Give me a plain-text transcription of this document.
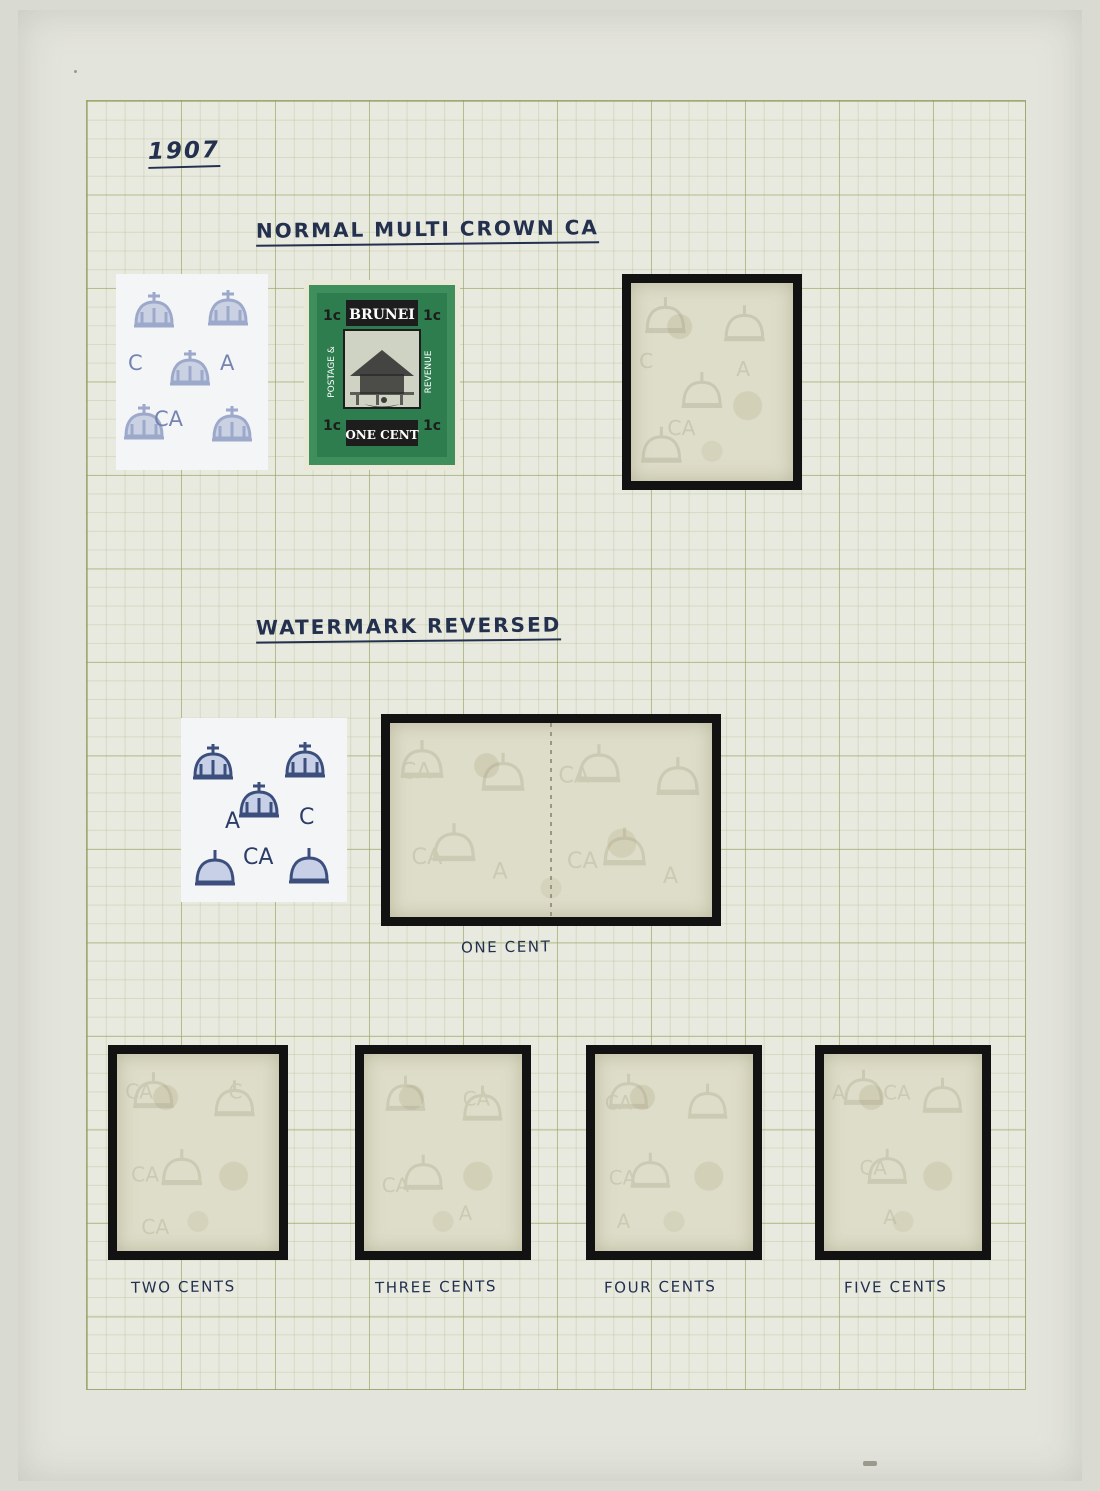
1907
NORMAL MULTI CROWN CA
C	A
CA
BRUNEI
1c	1c
POSTAGE &	REVENUE
ONE CENT
1c	1c
C	A
CA
WATERMARK REVERSED
A	C
CA
CA
CA
A
CA
CA
A
ONE CENT
CA	C
CA
CA
TWO CENTS
CA
CA
A
THREE CENTS
CA
CA
A
FOUR CENTS
A CA
CA
A
FIVE CENTS
